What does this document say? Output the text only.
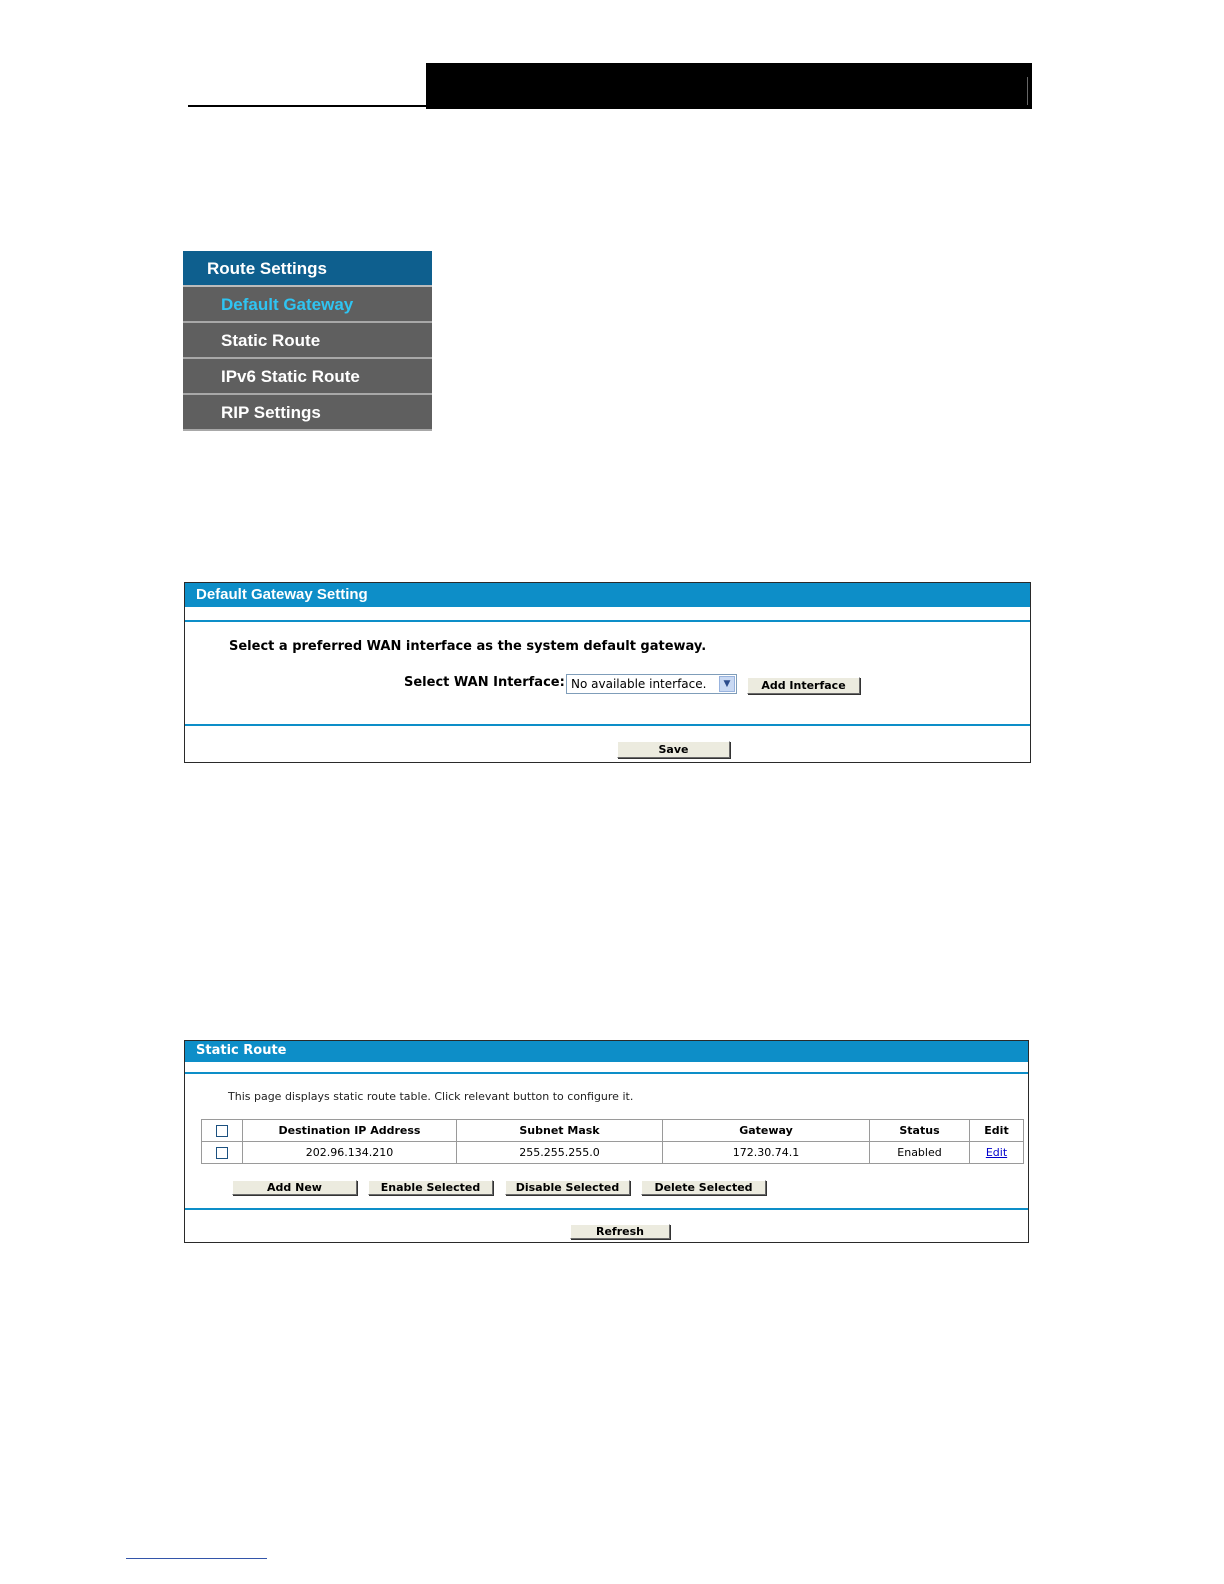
Route Settings
Default Gateway
Static Route
IPv6 Static Route
RIP Settings
Default Gateway Setting
Select a preferred WAN interface as the system default gateway.
Select WAN Interface: No available interface.	▼	Add Interface
Save
Static Route
This page displays static route table. Click relevant button to configure it.
	Destination IP Address	Subnet Mask	Gateway	Status	Edit
	202.96.134.210	255.255.255.0	172.30.74.1	Enabled	Edit
Add New	Enable Selected	Disable Selected	Delete Selected
Refresh
